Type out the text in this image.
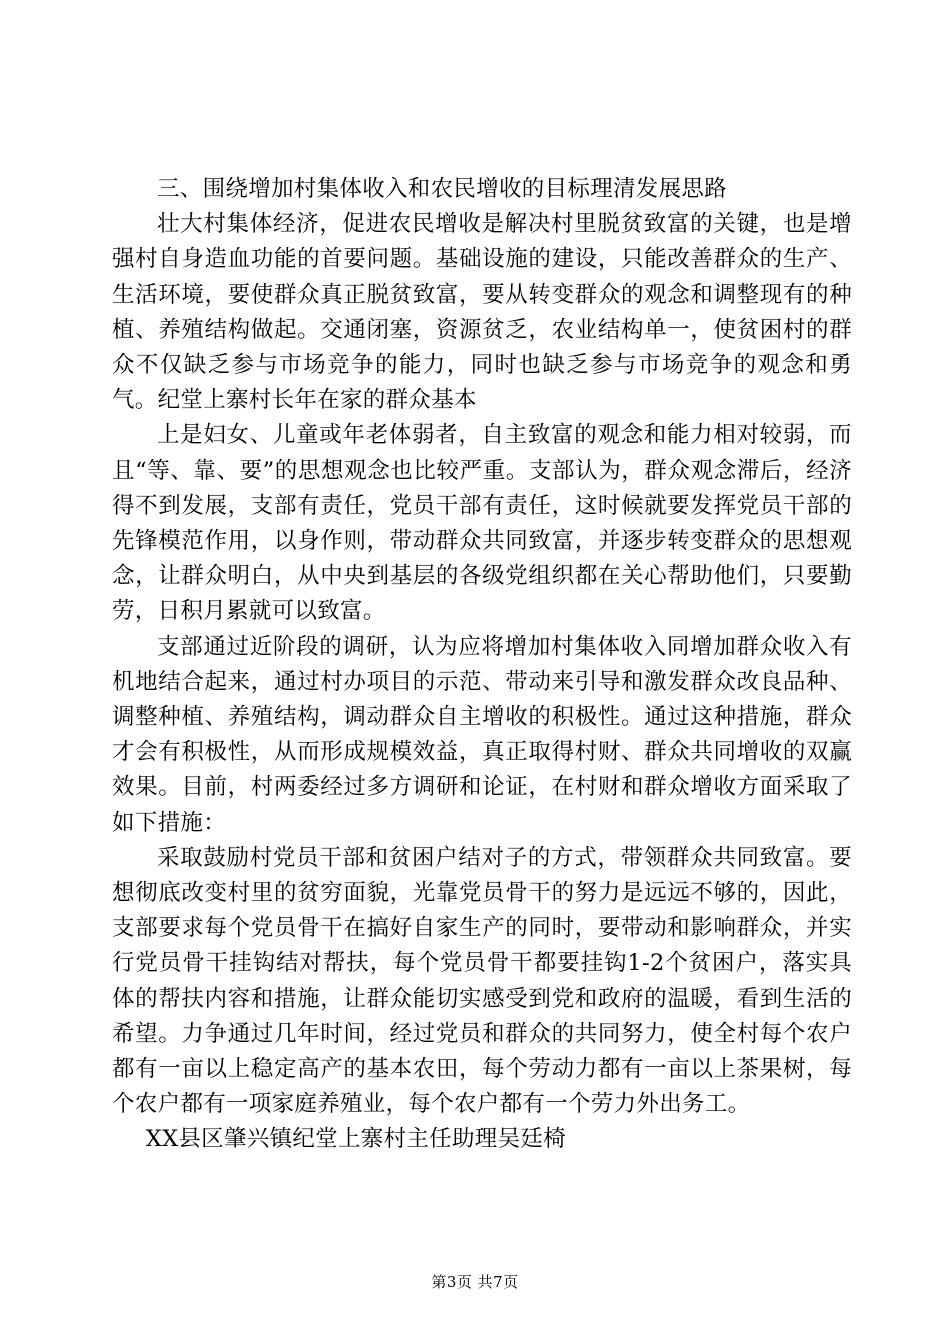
三、围绕增加村集体收入和农民增收的目标理清发展思路

壮大村集体经济，促进农民增收是解决村里脱贫致富的关键，也是增强村自身造血功能的首要问题。基础设施的建设，只能改善群众的生产、生活环境，要使群众真正脱贫致富，要从转变群众的观念和调整现有的种植、养殖结构做起。交通闭塞，资源贫乏，农业结构单一，使贫困村的群众不仅缺乏参与市场竞争的能力，同时也缺乏参与市场竞争的观念和勇气。纪堂上寨村长年在家的群众基本

上是妇女、儿童或年老体弱者，自主致富的观念和能力相对较弱，而且“等、靠、要”的思想观念也比较严重。支部认为，群众观念滞后，经济得不到发展，支部有责任，党员干部有责任，这时候就要发挥党员干部的先锋模范作用，以身作则，带动群众共同致富，并逐步转变群众的思想观念，让群众明白，从中央到基层的各级党组织都在关心帮助他们，只要勤劳，日积月累就可以致富。

支部通过近阶段的调研，认为应将增加村集体收入同增加群众收入有机地结合起来，通过村办项目的示范、带动来引导和激发群众改良品种、调整种植、养殖结构，调动群众自主增收的积极性。通过这种措施，群众才会有积极性，从而形成规模效益，真正取得村财、群众共同增收的双赢效果。目前，村两委经过多方调研和论证，在村财和群众增收方面采取了如下措施：

采取鼓励村党员干部和贫困户结对子的方式，带领群众共同致富。要想彻底改变村里的贫穷面貌，光靠党员骨干的努力是远远不够的，因此，支部要求每个党员骨干在搞好自家生产的同时，要带动和影响群众，并实行党员骨干挂钩结对帮扶，每个党员骨干都要挂钩1-2个贫困户，落实具体的帮扶内容和措施，让群众能切实感受到党和政府的温暖，看到生活的希望。力争通过几年时间，经过党员和群众的共同努力，使全村每个农户都有一亩以上稳定高产的基本农田，每个劳动力都有一亩以上茶果树，每个农户都有一项家庭养殖业，每个农户都有一个劳力外出务工。

XX县区肇兴镇纪堂上寨村主任助理吴廷椅

第3页 共7页
